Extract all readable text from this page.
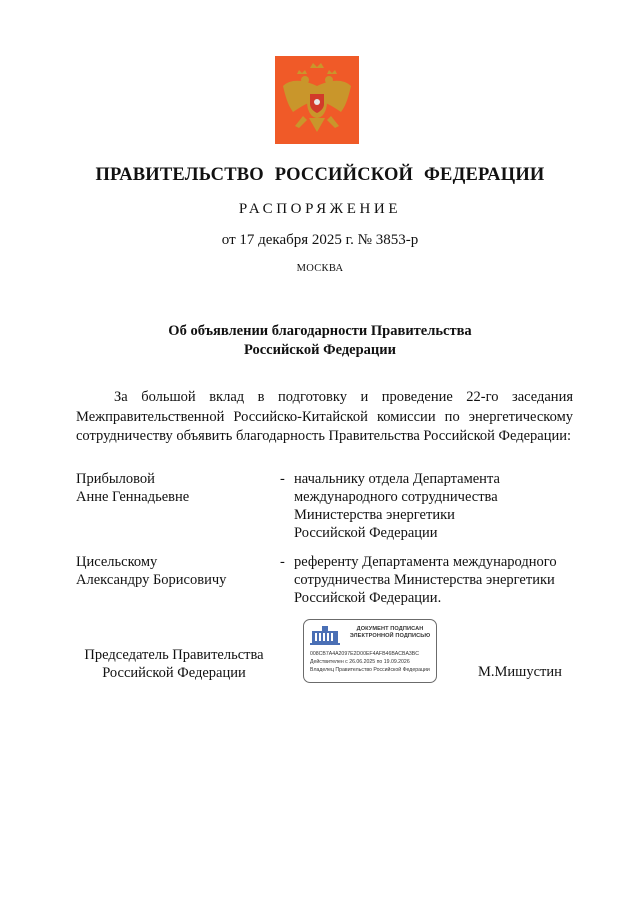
ПРАВИТЕЛЬСТВО РОССИЙСКОЙ ФЕДЕРАЦИИ
РАСПОРЯЖЕНИЕ
от 17 декабря 2025 г. № 3853-р
МОСКВА
Об объявлении благодарности Правительства
Российской Федерации
За большой вклад в подготовку и проведение 22-го заседания Межправительственной Российско-Китайской комиссии по энергетическому сотрудничеству объявить благодарность Правительства Российской Федерации:
Прибыловой
Анне Геннадьевне
- начальнику отдела Департамента
международного сотрудничества
Министерства энергетики
Российской Федерации
Цисельскому
Александру Борисовичу
- референту Департамента международного
сотрудничества Министерства энергетики
Российской Федерации.
Председатель Правительства
Российской Федерации
ДОКУМЕНТ ПОДПИСАН
ЭЛЕКТРОННОЙ ПОДПИСЬЮ
008CB7A4A2097E2D00EF4AFB46BACBA3BC
Действителен с 26.06.2025 по 19.09.2026
Владелец Правительство Российской Федерации	М.Мишустин
